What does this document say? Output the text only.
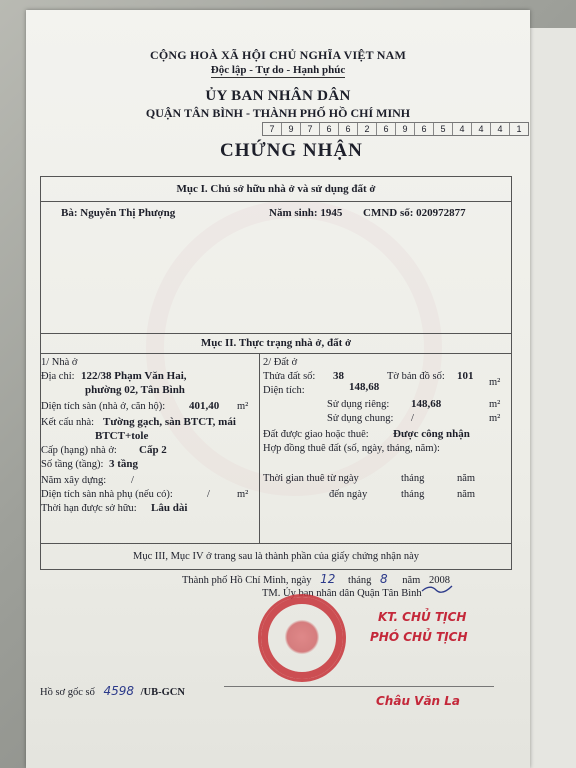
CỘNG HOÀ XÃ HỘI CHỦ NGHĨA VIỆT NAM
Độc lập - Tự do - Hạnh phúc
ỦY BAN NHÂN DÂN
QUẬN TÂN BÌNH - THÀNH PHỐ HỒ CHÍ MINH
7	9	7	6	6	2	6	9	6	5	4	4	4	1
CHỨNG NHẬN
Mục I. Chủ sở hữu nhà ở và sử dụng đất ở
Bà: Nguyễn Thị Phượng	Năm sinh: 1945 CMND số: 020972877
Mục II. Thực trạng nhà ở, đất ở
1/ Nhà ở
Địa chỉ: 122/38 Phạm Văn Hai,
phường 02, Tân Bình
Diện tích sàn (nhà ở, căn hộ): 401,40 m²
Kết cấu nhà: Tường gạch, sàn BTCT, mái
BTCT+tole
Cấp (hạng) nhà ở: Cấp 2
Số tầng (tầng): 3 tầng
Năm xây dựng: /
Diện tích sàn nhà phụ (nếu có):	/	m²
Thời hạn được sở hữu: Lâu dài
2/ Đất ở
Thửa đất số: 38	Tờ bản đồ số: 101
Diện tích:	148,68	m²
Sử dụng riêng: 148,68	m²
Sử dụng chung: /	m²
Đất được giao hoặc thuê: Được công nhận
Hợp đồng thuê đất (số, ngày, tháng, năm):
Thời gian thuê từ ngày	tháng	năm
đến ngày	tháng	năm
Mục III, Mục IV ở trang sau là thành phần của giấy chứng nhận này
Thành phố Hồ Chí Minh, ngày 12 tháng 8 năm 2008
TM. Ủy ban nhân dân Quận Tân Bình
KT. CHỦ TỊCH
PHÓ CHỦ TỊCH
Hồ sơ gốc số 4598 /UB-GCN
Châu Văn La
